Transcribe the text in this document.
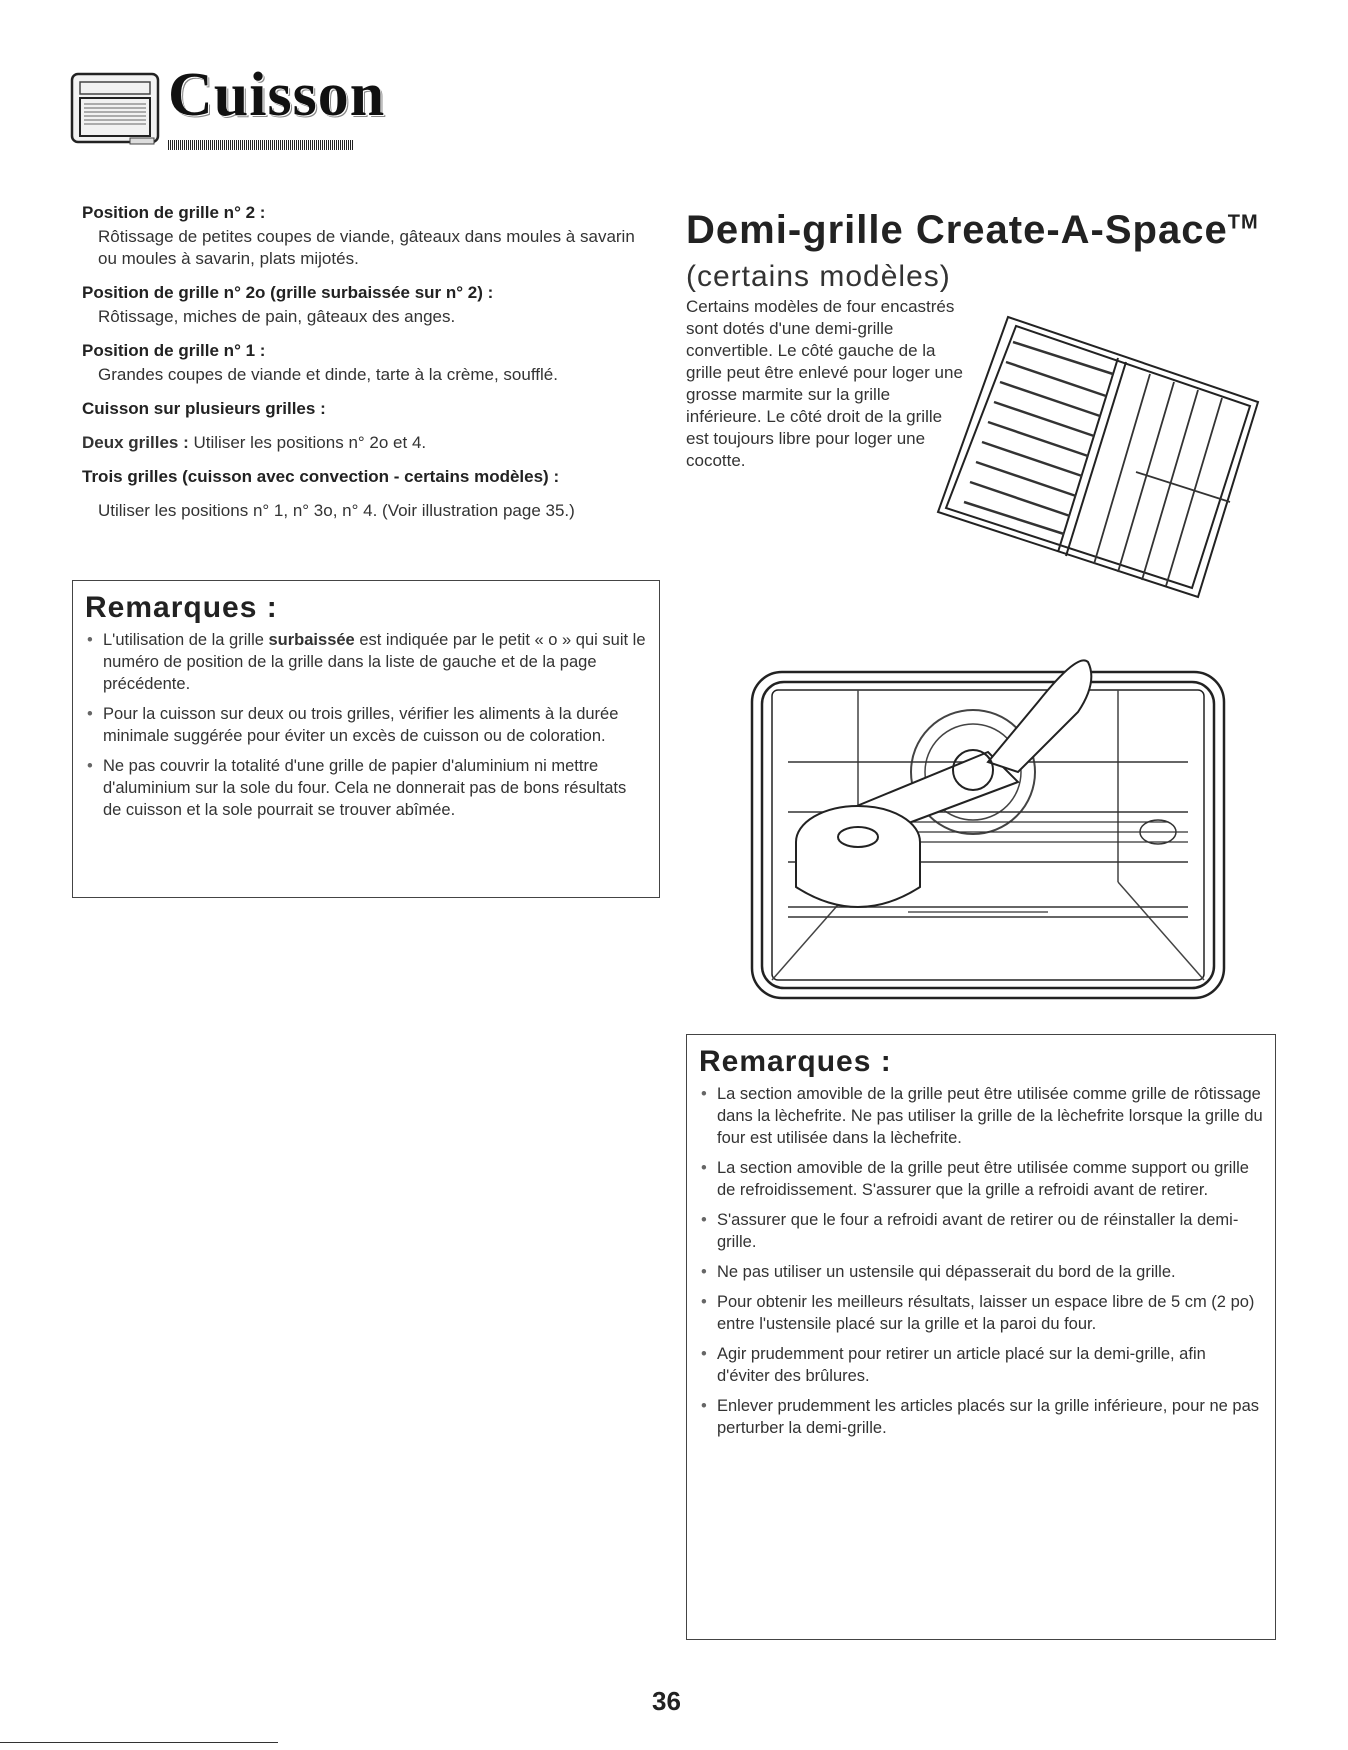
Cuisson

Position de grille n° 2 :

Rôtissage de petites coupes de viande, gâteaux dans moules à savarin ou moules à savarin, plats mijotés.

Position de grille n° 2o (grille surbaissée sur n° 2) :

Rôtissage, miches de pain, gâteaux des anges.

Position de grille n° 1 :

Grandes coupes de viande et dinde, tarte à la crème, soufflé.

Cuisson sur plusieurs grilles :

Deux grilles : Utiliser les positions n° 2o et 4.

Trois grilles (cuisson avec convection - certains modèles) :

Utiliser les positions n° 1, n° 3o, n° 4. (Voir illustration page 35.)

Remarques :
• L'utilisation de la grille surbaissée est indiquée par le petit « o » qui suit le numéro de position de la grille dans la liste de gauche et de la page précédente.
• Pour la cuisson sur deux ou trois grilles, vérifier les aliments à la durée minimale suggérée pour éviter un excès de cuisson ou de coloration.
• Ne pas couvrir la totalité d'une grille de papier d'aluminium ni mettre d'aluminium sur la sole du four. Cela ne donnerait pas de bons résultats de cuisson et la sole pourrait se trouver abîmée.
Demi-grille Create-A-Space™
(certains modèles)
Certains modèles de four encastrés sont dotés d'une demi-grille convertible. Le côté gauche de la grille peut être enlevé pour loger une grosse marmite sur la grille inférieure. Le côté droit de la grille est toujours libre pour loger une cocotte.
Remarques :
• La section amovible de la grille peut être utilisée comme grille de rôtissage dans la lèchefrite. Ne pas utiliser la grille de la lèchefrite lorsque la grille du four est utilisée dans la lèchefrite.
• La section amovible de la grille peut être utilisée comme support ou grille de refroidissement. S'assurer que la grille a refroidi avant de retirer.
• S'assurer que le four a refroidi avant de retirer ou de réinstaller la demi-grille.
• Ne pas utiliser un ustensile qui dépasserait du bord de la grille.
• Pour obtenir les meilleurs résultats, laisser un espace libre de 5 cm (2 po) entre l'ustensile placé sur la grille et la paroi du four.
• Agir prudemment pour retirer un article placé sur la demi-grille, afin d'éviter des brûlures.
• Enlever prudemment les articles placés sur la grille inférieure, pour ne pas perturber la demi-grille.
36
